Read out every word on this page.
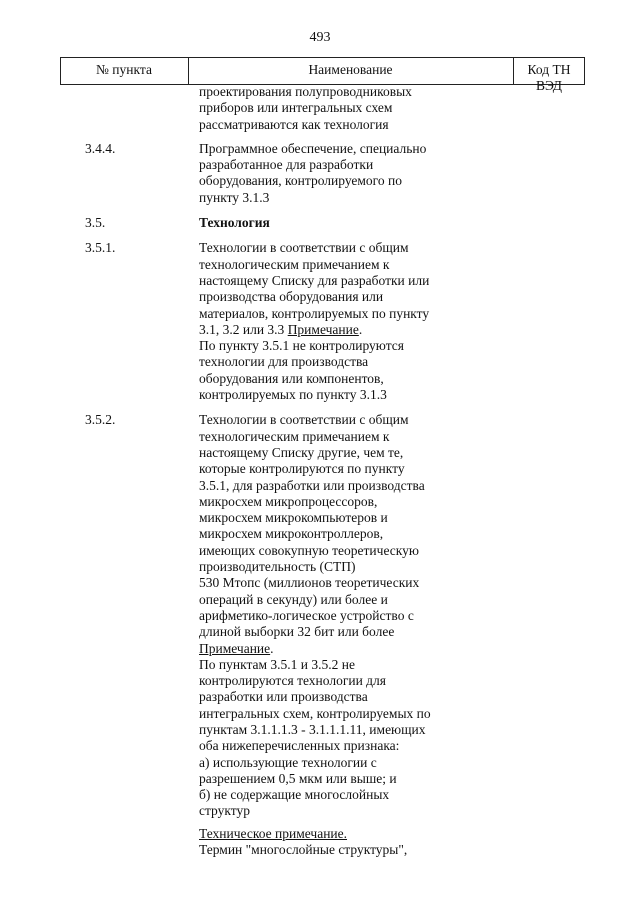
493
№ пункта	Наименование	Код ТН ВЭД
проектирования полупроводниковых
приборов или интегральных схем
рассматриваются как технология
3.4.4.	Программное обеспечение, специально
разработанное для разработки
оборудования, контролируемого по
пункту 3.1.3
3.5.	Технология
3.5.1.	Технологии в соответствии с общим
технологическим примечанием к
настоящему Списку для разработки или
производства оборудования или
материалов, контролируемых по пункту
3.1, 3.2 или 3.3 Примечание.
По пункту 3.5.1 не контролируются
технологии для производства
оборудования или компонентов,
контролируемых по пункту 3.1.3
3.5.2.	Технологии в соответствии с общим
технологическим примечанием к
настоящему Списку другие, чем те,
которые контролируются по пункту
3.5.1, для разработки или производства
микросхем микропроцессоров,
микросхем микрокомпьютеров и
микросхем микроконтроллеров,
имеющих совокупную теоретическую
производительность (СТП)
530 Мтопс (миллионов теоретических
операций в секунду) или более и
арифметико-логическое устройство с
длиной выборки 32 бит или более
Примечание.

По пунктам 3.5.1 и 3.5.2 не
контролируются технологии для
разработки или производства
интегральных схем, контролируемых по
пунктам 3.1.1.1.3 - 3.1.1.1.11, имеющих
оба нижеперечисленных признака:
а) использующие технологии с
разрешением 0,5 мкм или выше; и
б) не содержащие многослойных
структур
Техническое примечание.
Термин "многослойные структуры",
